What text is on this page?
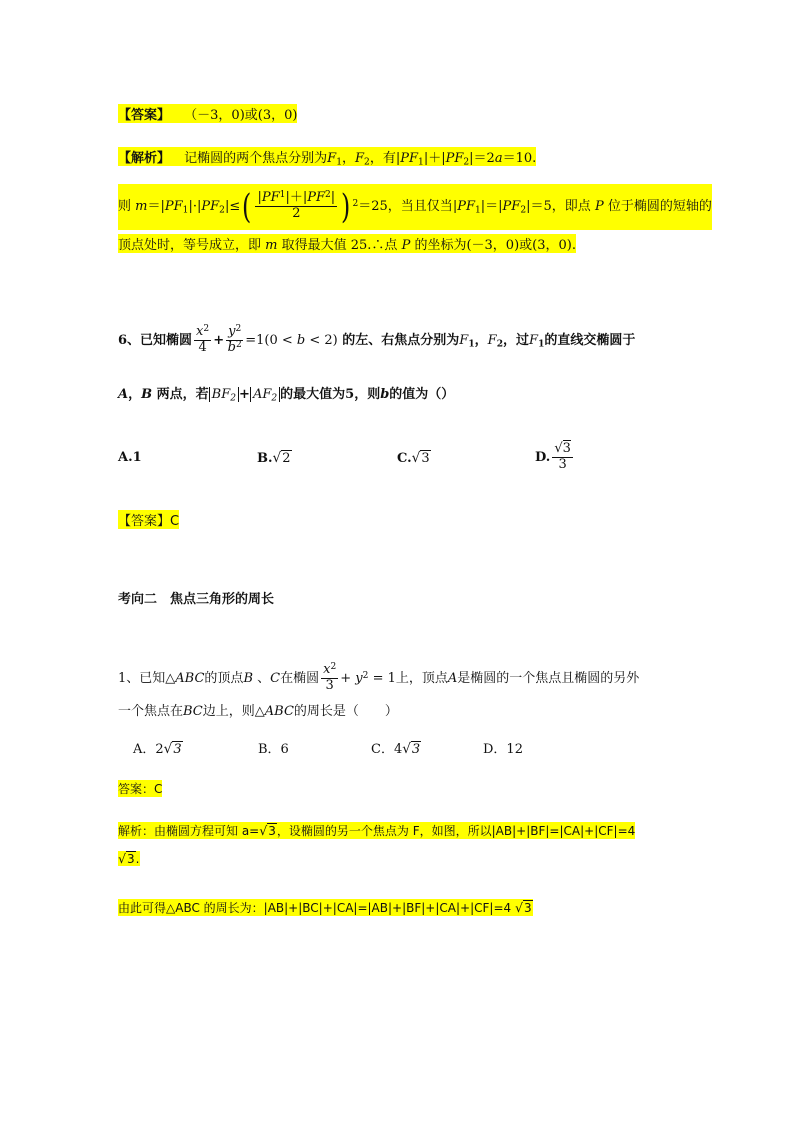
【答案】 （－3，0)或(3，0)
【解析】 记椭圆的两个焦点分别为$F_1$，$F_2$，有$|PF_1|+|PF_2|=2a=10$.
则 $m=|PF_1|\cdot|PF_2|\le( \frac{|PF^1|+|PF^2|}{2}$ ) $^2$＝25，当且仅当$|PF_1|=|PF_2|=5$，即点 P 位于椭圆的短轴的
顶点处时，等号成立，即 m 取得最大值 25.∴点 P 的坐标为(－3，0)或(3，0).
6、已知椭圆 $\frac{x^2}{4} + \frac{y^2}{b^2} =1(0 < b < 2)$ 的左、右焦点分别为$F_1$，$F_2$，过$F_1$的直线交椭圆于
A，B 两点，若 $BF_2 + AF_2$ 的最大值为5，则b的值为（）
A.1	B.√2	C.√3	D. $\frac{√3}{3}$
【答案】C
考向二　焦点三角形的周长
1、已知△ABC的顶点B 、C在椭圆 $\frac{x^2}{3} + y^2 = 1$上，顶点A是椭圆的一个焦点且椭圆的另外
一个焦点在BC边上，则△ABC的周长是（　　）
A．2√3	B．6	C．4√3	D．12
答案：C
解析：由椭圆方程可知 a=√3，设椭圆的另一个焦点为 F，如图，所以|AB|+|BF|=|CA|+|CF|=4
√3.
由此可得△ABC 的周长为：|AB|+|BC|+|CA|=|AB|+|BF|+|CA|+|CF|=4 √3
